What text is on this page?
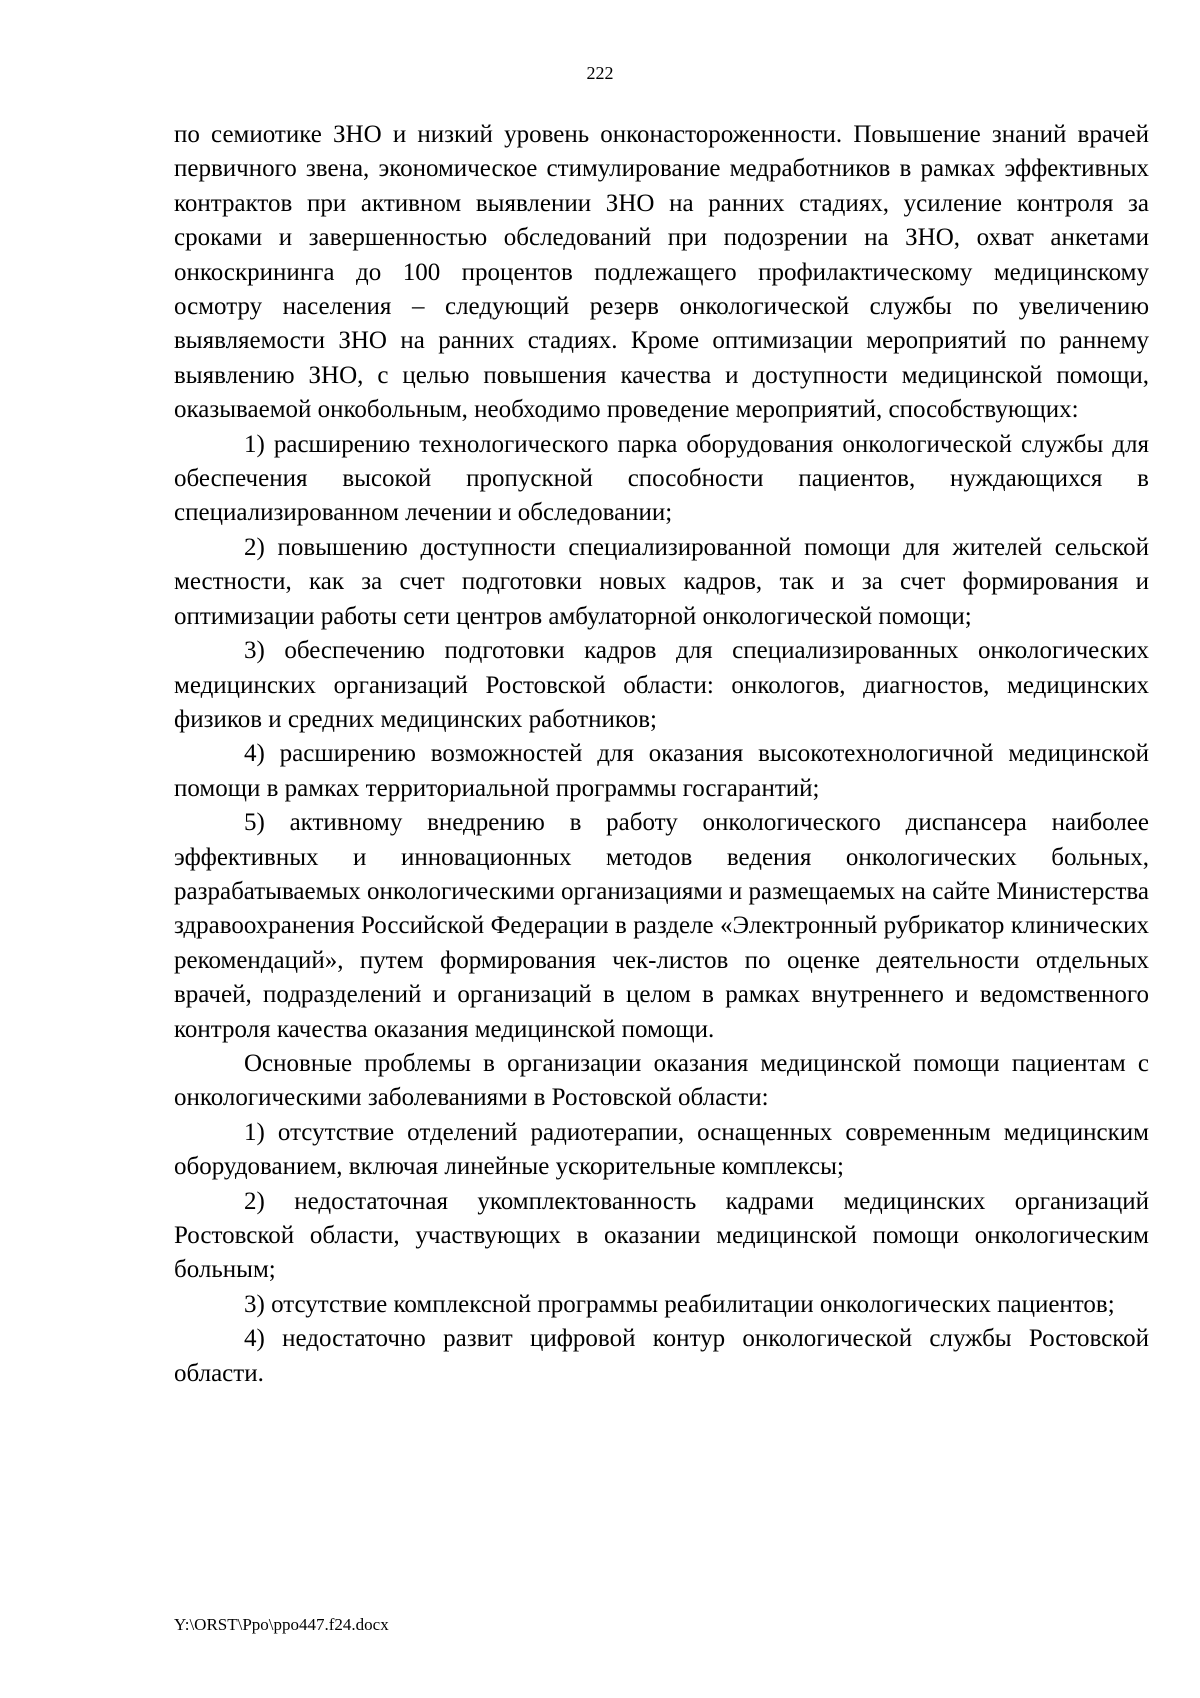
222

по семиотике ЗНО и низкий уровень онконастороженности. Повышение знаний врачей первичного звена, экономическое стимулирование медработников в рамках эффективных контрактов при активном выявлении ЗНО на ранних стадиях, усиление контроля за сроками и завершенностью обследований при подозрении на ЗНО, охват анкетами онкоскрининга до 100 процентов подлежащего профилактическому медицинскому осмотру населения – следующий резерв онкологической службы по увеличению выявляемости ЗНО на ранних стадиях. Кроме оптимизации мероприятий по раннему выявлению ЗНО, с целью повышения качества и доступности медицинской помощи, оказываемой онкобольным, необходимо проведение мероприятий, способствующих:

1) расширению технологического парка оборудования онкологической службы для обеспечения высокой пропускной способности пациентов, нуждающихся в специализированном лечении и обследовании;

2) повышению доступности специализированной помощи для жителей сельской местности, как за счет подготовки новых кадров, так и за счет формирования и оптимизации работы сети центров амбулаторной онкологической помощи;

3) обеспечению подготовки кадров для специализированных онкологических медицинских организаций Ростовской области: онкологов, диагностов, медицинских физиков и средних медицинских работников;

4) расширению возможностей для оказания высокотехнологичной медицинской помощи в рамках территориальной программы госгарантий;

5) активному внедрению в работу онкологического диспансера наиболее эффективных и инновационных методов ведения онкологических больных, разрабатываемых онкологическими организациями и размещаемых на сайте Министерства здравоохранения Российской Федерации в разделе «Электронный рубрикатор клинических рекомендаций», путем формирования чек-листов по оценке деятельности отдельных врачей, подразделений и организаций в целом в рамках внутреннего и ведомственного контроля качества оказания медицинской помощи.

Основные проблемы в организации оказания медицинской помощи пациентам с онкологическими заболеваниями в Ростовской области:

1) отсутствие отделений радиотерапии, оснащенных современным медицинским оборудованием, включая линейные ускорительные комплексы;

2) недостаточная укомплектованность кадрами медицинских организаций Ростовской области, участвующих в оказании медицинской помощи онкологическим больным;

3) отсутствие комплексной программы реабилитации онкологических пациентов;

4) недостаточно развит цифровой контур онкологической службы Ростовской области.

Y:\ORST\Ppo\ppo447.f24.docx
